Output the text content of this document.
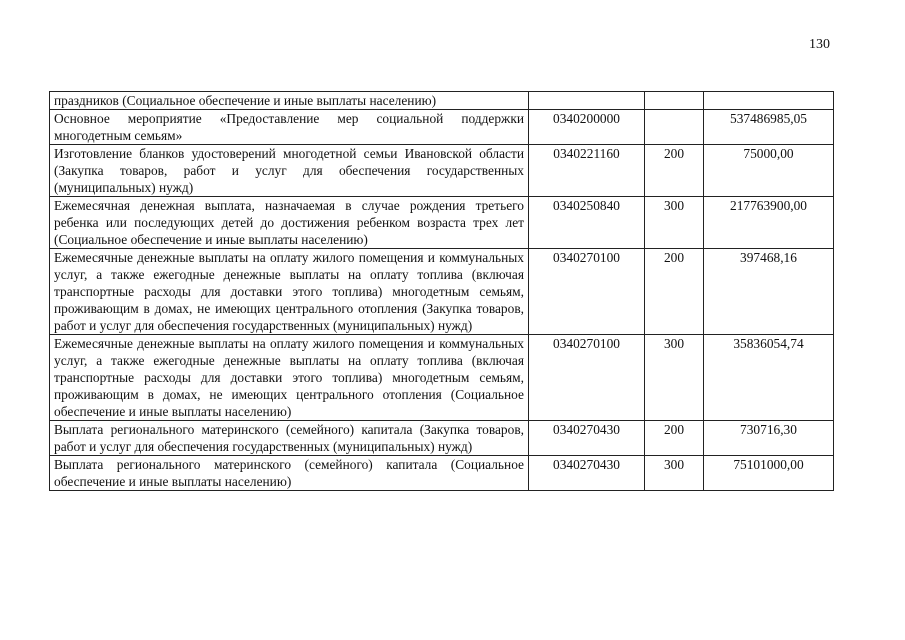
130
праздников (Социальное обеспечение и иные выплаты населению)			
Основное мероприятие «Предоставление мер социальной поддержки многодетным семьям»	0340200000		537486985,05
Изготовление бланков удостоверений многодетной семьи Ивановской области (Закупка товаров, работ и услуг для обеспечения государственных (муниципальных) нужд)	0340221160	200	75000,00
Ежемесячная денежная выплата, назначаемая в случае рождения третьего ребенка или последующих детей до достижения ребенком возраста трех лет (Социальное обеспечение и иные выплаты населению)	0340250840	300	217763900,00
Ежемесячные денежные выплаты на оплату жилого помещения и коммунальных услуг, а также ежегодные денежные выплаты на оплату топлива (включая транспортные расходы для доставки этого топлива) многодетным семьям, проживающим в домах, не имеющих центрального отопления (Закупка товаров, работ и услуг для обеспечения государственных (муниципальных) нужд)	0340270100	200	397468,16
Ежемесячные денежные выплаты на оплату жилого помещения и коммунальных услуг, а также ежегодные денежные выплаты на оплату топлива (включая транспортные расходы для доставки этого топлива) многодетным семьям, проживающим в домах, не имеющих центрального отопления (Социальное обеспечение и иные выплаты населению)	0340270100	300	35836054,74
Выплата регионального материнского (семейного) капитала (Закупка товаров, работ и услуг для обеспечения государственных (муниципальных) нужд)	0340270430	200	730716,30
Выплата регионального материнского (семейного) капитала (Социальное обеспечение и иные выплаты населению)	0340270430	300	75101000,00
